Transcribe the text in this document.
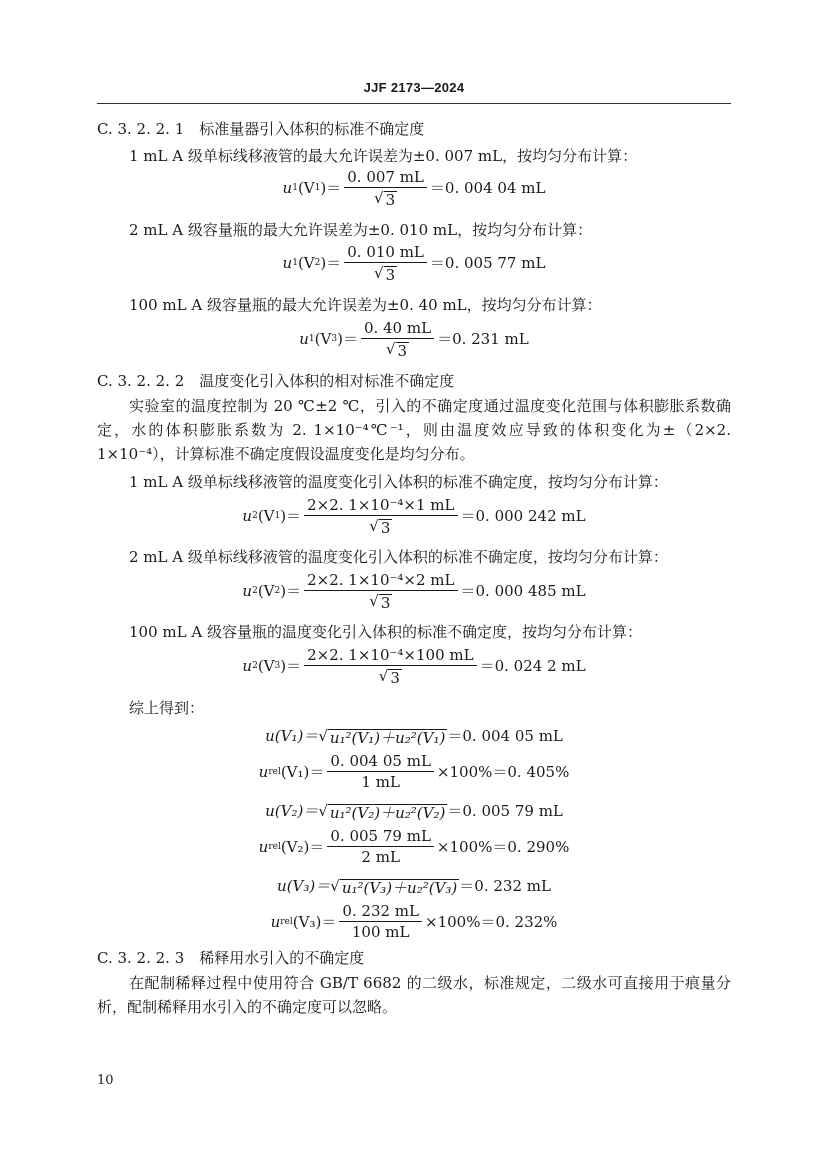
JJF 2173—2024
C. 3. 2. 2. 1　标准量器引入体积的标准不确定度
1 mL A 级单标线移液管的最大允许误差为±0. 007 mL，按均匀分布计算：
u 1 (V 1 )＝ $\frac{0. 007 mL}{√ 3} =0$. 004 04 mL
2 mL A 级容量瓶的最大允许误差为±0. 010 mL，按均匀分布计算：
u 1 (V 2 )＝ $\frac{0. 010 mL}{√ 3} =0$. 005 77 mL
100 mL A 级容量瓶的最大允许误差为±0. 40 mL，按均匀分布计算：
u 1 (V 3 )＝ $\frac{0. 40 mL}{√ 3} =0$. 231 mL
C. 3. 2. 2. 2　温度变化引入体积的相对标准不确定度
实验室的温度控制为 20 ℃±2 ℃，引入的不确定度通过温度变化范围与体积膨胀系数确定，水的体积膨胀系数为 2. 1×10⁻⁴℃⁻¹，则由温度效应导致的体积变化为±（2×2. 1×10⁻⁴），计算标准不确定度假设温度变化是均匀分布。
1 mL A 级单标线移液管的温度变化引入体积的标准不确定度，按均匀分布计算：
u 2 (V 1 )＝ $\frac{\text{2×2. 1×10⁻⁴×1 mL}}{√ 3} =0$. 000 242 mL
2 mL A 级单标线移液管的温度变化引入体积的标准不确定度，按均匀分布计算：
u 2 (V 2 )＝ $\frac{\text{2×2. 1×10⁻⁴×2 mL}}{√ 3} =0$. 000 485 mL
100 mL A 级容量瓶的温度变化引入体积的标准不确定度，按均匀分布计算：
u 2 (V 3 )＝ $\frac{\text{2×2. 1×10⁻⁴×100 mL}}{√ 3} =0$. 024 2 mL
综上得到：
u(V₁)＝ √ u₁²(V₁)＋u₂²(V₁) ＝0. 004 05 mL
u rel $(V_1)= \frac{0. 004 05 mL}{1 mL} \times 100\%=0$. 405%
u(V₂)＝ √ u₁²(V₂)＋u₂²(V₂) ＝0. 005 79 mL
u rel $(V_2)= \frac{0. 005 79 mL}{2 mL} \times 100\%=0$. 290%
u(V₃)＝ √ u₁²(V₃)＋u₂²(V₃) ＝0. 232 mL
u rel $(V_3)= \frac{0. 232 mL}{100 mL} \times 100\%=0$. 232%
C. 3. 2. 2. 3　稀释用水引入的不确定度
在配制稀释过程中使用符合 GB/T 6682 的二级水，标准规定，二级水可直接用于痕量分析，配制稀释用水引入的不确定度可以忽略。
10
